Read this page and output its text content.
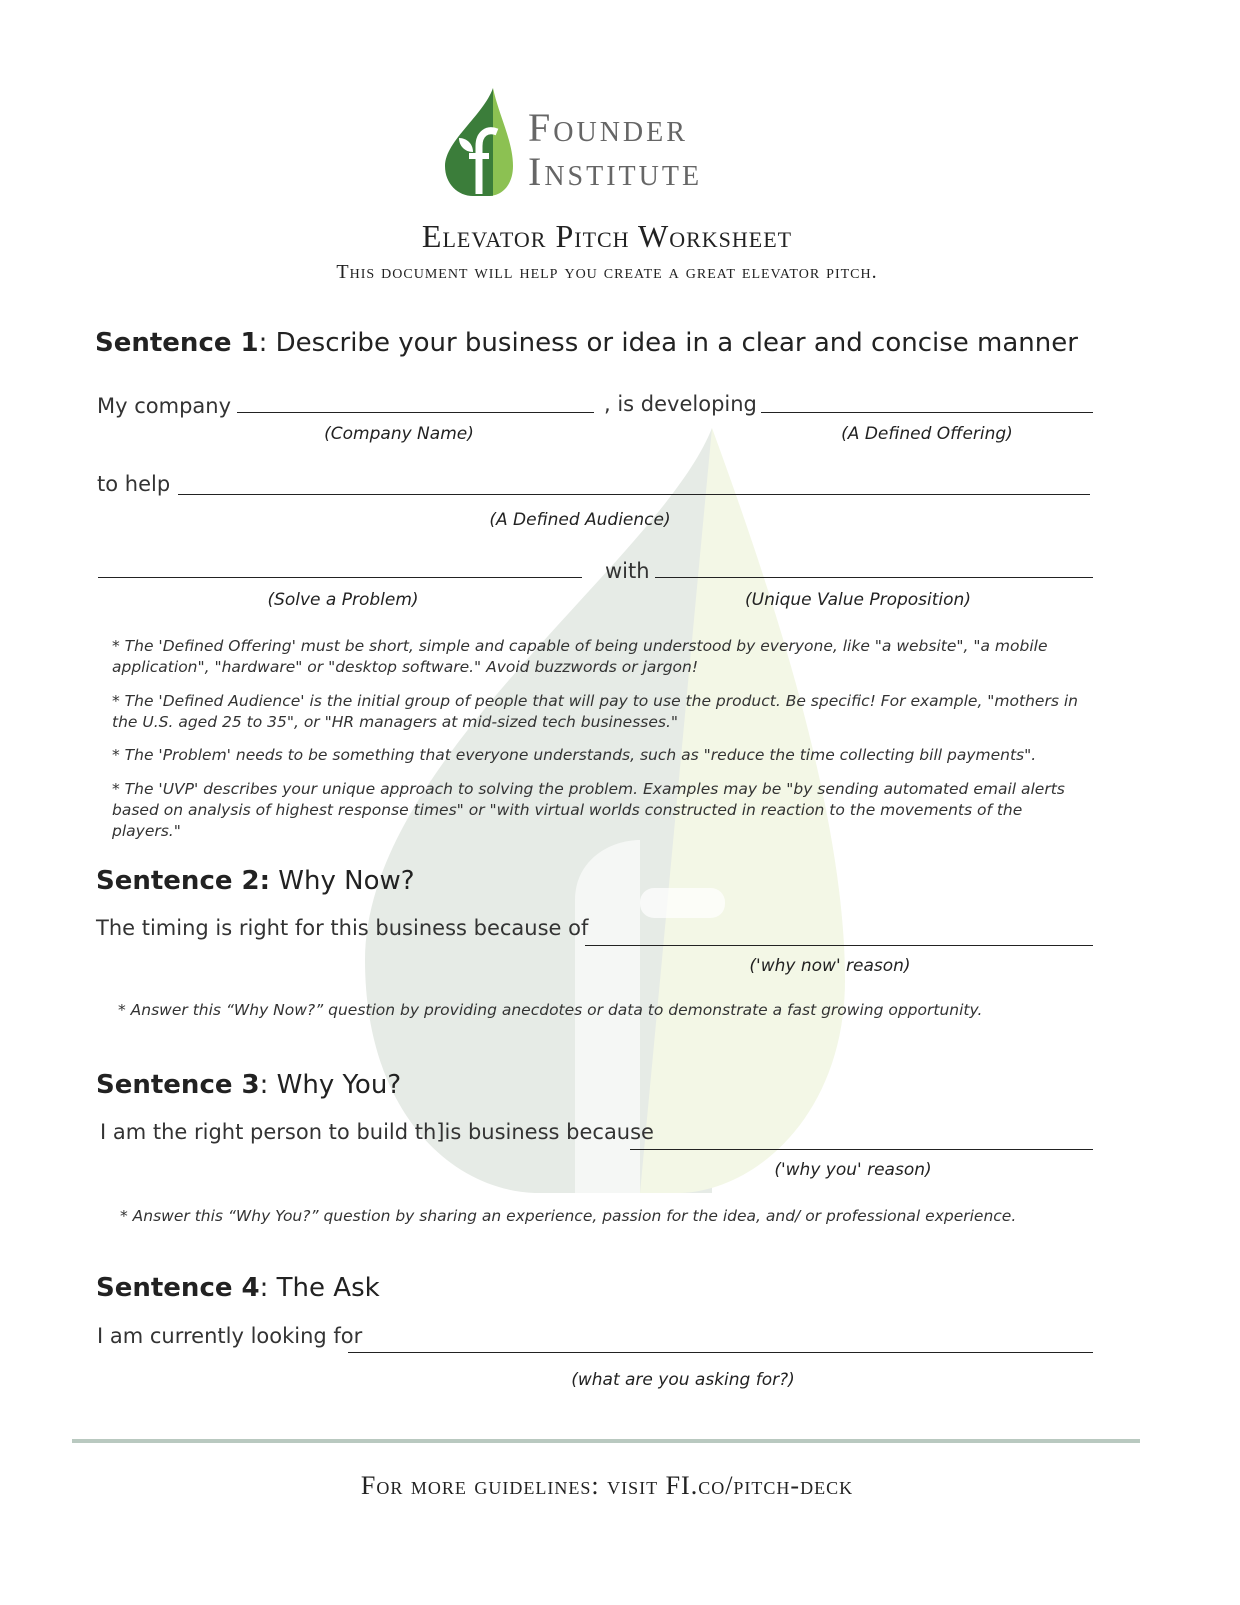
Founder
Institute
Elevator Pitch Worksheet
This document will help you create a great elevator pitch.
Sentence 1: Describe your business or idea in a clear and concise manner
My company	, is developing
(Company Name)	(A Defined Offering)
to help
(A Defined Audience)
with
(Solve a Problem)	(Unique Value Proposition)
* The 'Defined Offering' must be short, simple and capable of being understood by everyone, like "a website", "a mobile application", "hardware" or "desktop software." Avoid buzzwords or jargon!
* The 'Defined Audience' is the initial group of people that will pay to use the product. Be specific! For example, "mothers in the U.S. aged 25 to 35", or "HR managers at mid-sized tech businesses."
* The 'Problem' needs to be something that everyone understands, such as "reduce the time collecting bill payments".
* The 'UVP' describes your unique approach to solving the problem. Examples may be "by sending automated email alerts based on analysis of highest response times" or "with virtual worlds constructed in reaction to the movements of the players."
Sentence 2: Why Now?
The timing is right for this business because of
('why now' reason)
* Answer this “Why Now?” question by providing anecdotes or data to demonstrate a fast growing opportunity.
Sentence 3: Why You?
I am the right person to build th]is business because
('why you' reason)
* Answer this “Why You?” question by sharing an experience, passion for the idea, and/ or professional experience.
Sentence 4: The Ask
I am currently looking for
(what are you asking for?)
For more guidelines: visit FI.co/pitch-deck
